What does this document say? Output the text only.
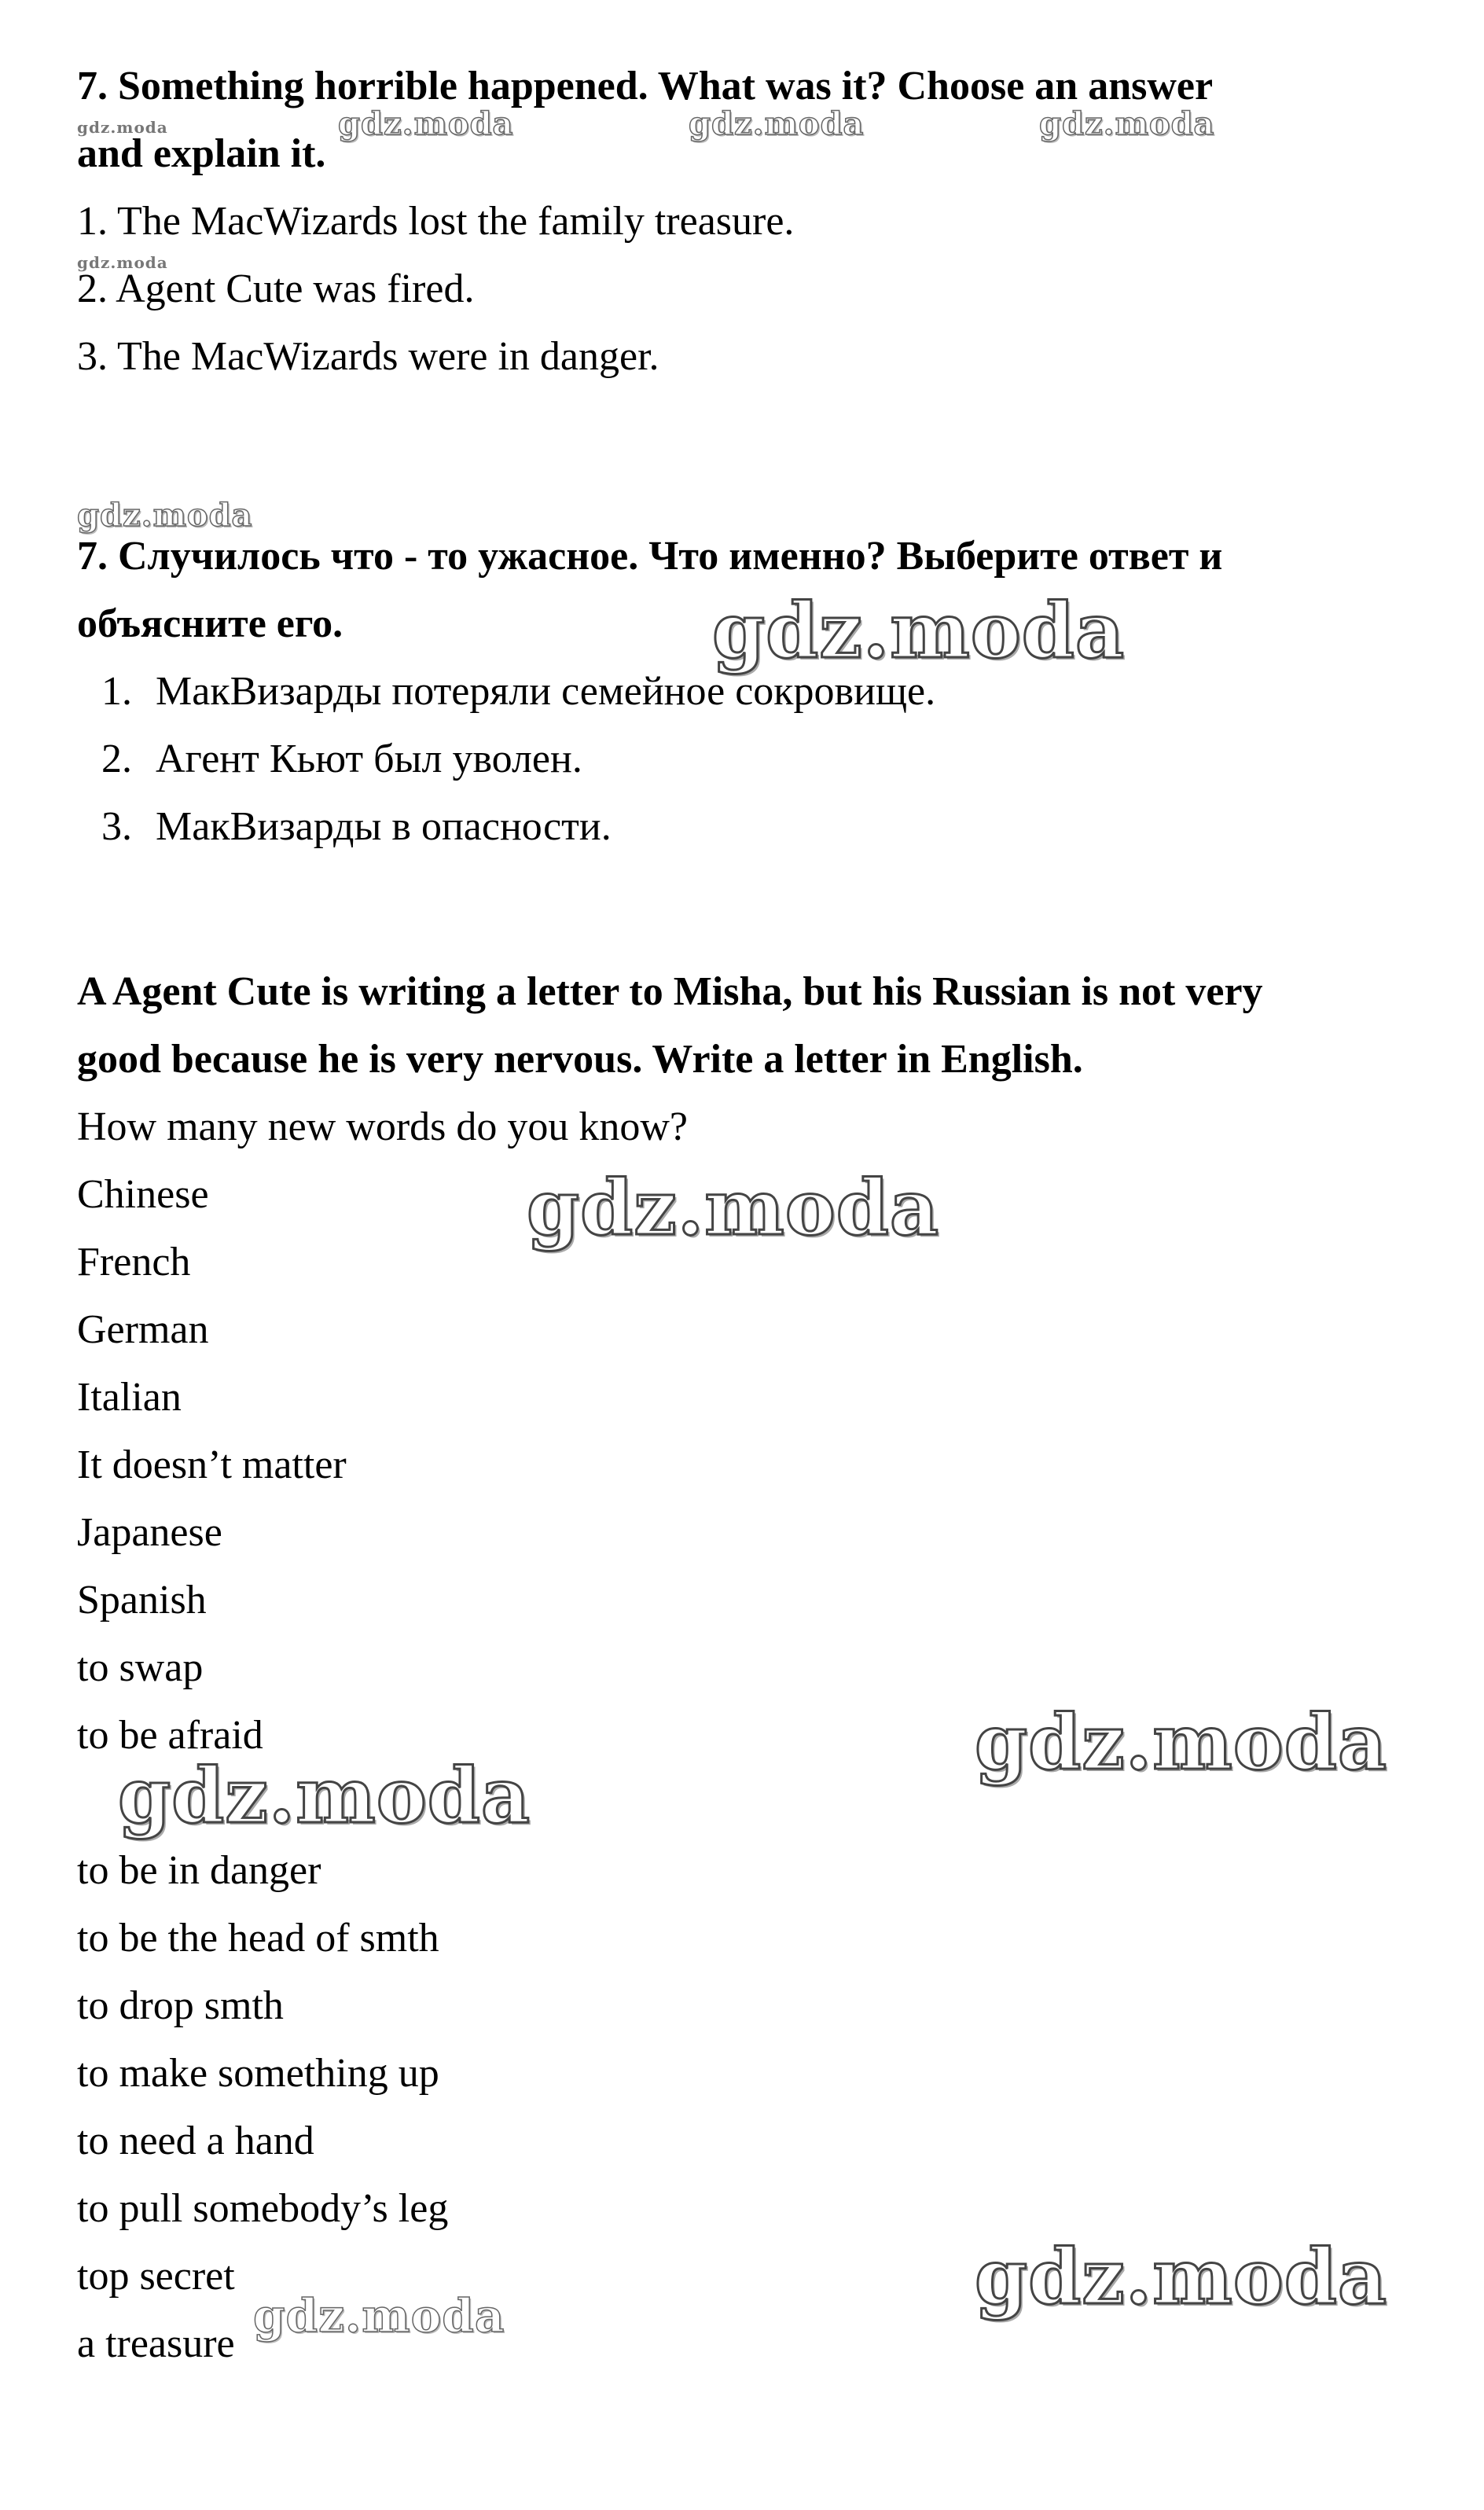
7. Something horrible happened. What was it? Choose an answer
and explain it.
1. The MacWizards lost the family treasure.
2. Agent Cute was fired.
3. The MacWizards were in danger.
7. Случилось что - то ужасное. Что именно? Выберите ответ и
объясните его.
1. МакВизарды потеряли семейное сокровище.
2. Агент Кьют был уволен.
3. МакВизарды в опасности.
A Agent Cute is writing a letter to Misha, but his Russian is not very
good because he is very nervous. Write a letter in English.
How many new words do you know?
Chinese
French
German
Italian
It doesn’t matter
Japanese
Spanish
to swap
to be afraid
to be in danger
to be the head of smth
to drop smth
to make something up
to need a hand
to pull somebody’s leg
top secret
a treasure
gdz.moda
gdz.moda
gdz.moda	gdz.moda	gdz.moda
gdz.moda
gdz.moda
gdz.moda
gdz.moda
gdz.moda
gdz.moda
gdz.moda
